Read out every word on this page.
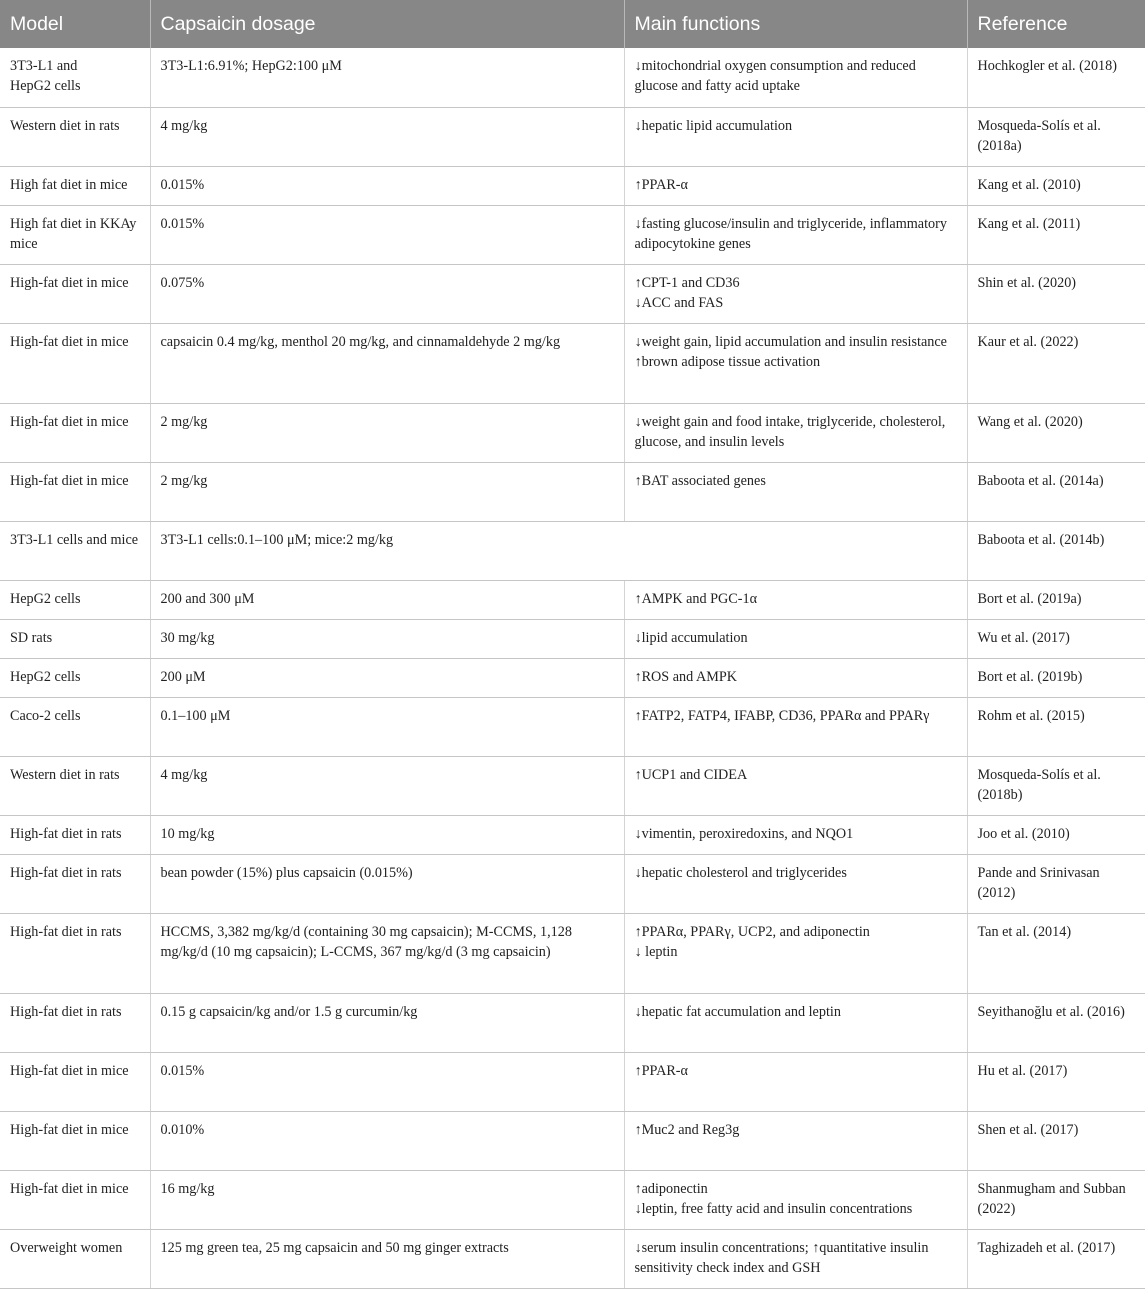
Model	Capsaicin dosage	Main functions	Reference

3T3-L1 and
HepG2 cells	3T3-L1:6.91%; HepG2:100 μM	↓mitochondrial oxygen consumption and reduced glucose and fatty acid uptake	Hochkogler et al. (2018)

Western diet in rats	4 mg/kg	↓hepatic lipid accumulation	Mosqueda-Solís et al. (2018a)

High fat diet in mice	0.015%	↑PPAR-α	Kang et al. (2010)

High fat diet in KKAy mice	0.015%	↓fasting glucose/insulin and triglyceride, inflammatory adipocytokine genes	Kang et al. (2011)

High-fat diet in mice	0.075%	↑CPT-1 and CD36
↓ACC and FAS	Shin et al. (2020)

High-fat diet in mice	capsaicin 0.4 mg/kg, menthol 20 mg/kg, and cinnamaldehyde 2 mg/kg	↓weight gain, lipid accumulation and insulin resistance
↑brown adipose tissue activation	Kaur et al. (2022)

High-fat diet in mice	2 mg/kg	↓weight gain and food intake, triglyceride, cholesterol, glucose, and insulin levels	Wang et al. (2020)

High-fat diet in mice	2 mg/kg	↑BAT associated genes	Baboota et al. (2014a)

3T3-L1 cells and mice	3T3-L1 cells:0.1–100 μM; mice:2 mg/kg		Baboota et al. (2014b)

HepG2 cells	200 and 300 μM	↑AMPK and PGC-1α	Bort et al. (2019a)

SD rats	30 mg/kg	↓lipid accumulation	Wu et al. (2017)

HepG2 cells	200 μM	↑ROS and AMPK	Bort et al. (2019b)

Caco-2 cells	0.1–100 μM	↑FATP2, FATP4, IFABP, CD36, PPARα and PPARγ	Rohm et al. (2015)

Western diet in rats	4 mg/kg	↑UCP1 and CIDEA	Mosqueda-Solís et al. (2018b)

High-fat diet in rats	10 mg/kg	↓vimentin, peroxiredoxins, and NQO1	Joo et al. (2010)

High-fat diet in rats	bean powder (15%) plus capsaicin (0.015%)	↓hepatic cholesterol and triglycerides	Pande and Srinivasan (2012)

High-fat diet in rats	HCCMS, 3,382 mg/kg/d (containing 30 mg capsaicin); M-CCMS, 1,128 mg/kg/d (10 mg capsaicin); L-CCMS, 367 mg/kg/d (3 mg capsaicin)	↑PPARα, PPARγ, UCP2, and adiponectin
↓ leptin	Tan et al. (2014)

High-fat diet in rats	0.15 g capsaicin/kg and/or 1.5 g curcumin/kg	↓hepatic fat accumulation and leptin	Seyithanoğlu et al. (2016)

High-fat diet in mice	0.015%	↑PPAR-α	Hu et al. (2017)

High-fat diet in mice	0.010%	↑Muc2 and Reg3g	Shen et al. (2017)

High-fat diet in mice	16 mg/kg	↑adiponectin
↓leptin, free fatty acid and insulin concentrations	Shanmugham and Subban (2022)

Overweight women	125 mg green tea, 25 mg capsaicin and 50 mg ginger extracts	↓serum insulin concentrations; ↑quantitative insulin sensitivity check index and GSH	Taghizadeh et al. (2017)
